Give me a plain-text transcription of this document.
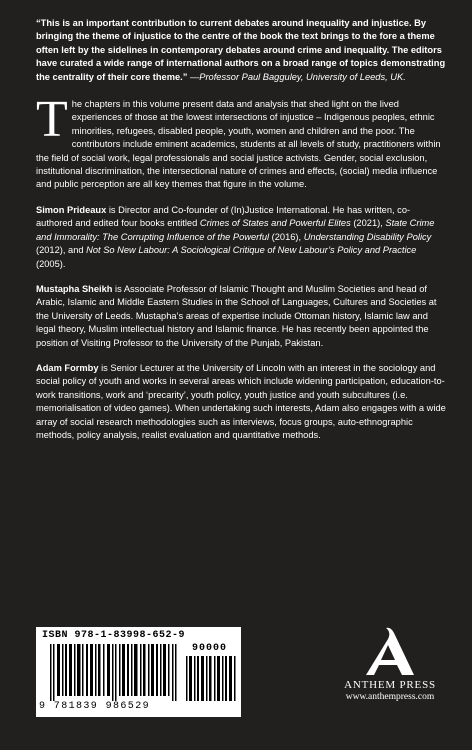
“This is an important contribution to current debates around inequality and injustice. By bringing the theme of injustice to the centre of the book the text brings to the fore a theme often left by the sidelines in contemporary debates around crime and inequality. The editors have curated a wide range of international authors on a broad range of topics demonstrating the centrality of their core theme.” —Professor Paul Bagguley, University of Leeds, UK.

The chapters in this volume present data and analysis that shed light on the lived experiences of those at the lowest intersections of injustice – Indigenous peoples, ethnic minorities, refugees, disabled people, youth, women and children and the poor. The contributors include eminent academics, students at all levels of study, practitioners within the field of social work, legal professionals and social justice activists. Gender, social exclusion, institutional discrimination, the intersectional nature of crimes and effects, (social) media influence and public perception are all key themes that figure in the volume.

Simon Prideaux is Director and Co-founder of (In)Justice International. He has written, co-authored and edited four books entitled Crimes of States and Powerful Elites (2021), State Crime and Immorality: The Corrupting Influence of the Powerful (2016), Understanding Disability Policy (2012), and Not So New Labour: A Sociological Critique of New Labour’s Policy and Practice (2005).

Mustapha Sheikh is Associate Professor of Islamic Thought and Muslim Societies and head of Arabic, Islamic and Middle Eastern Studies in the School of Languages, Cultures and Societies at the University of Leeds. Mustapha’s areas of expertise include Ottoman history, Islamic law and legal theory, Muslim intellectual history and Islamic finance. He has recently been appointed the position of Visiting Professor to the University of the Punjab, Pakistan.

Adam Formby is Senior Lecturer at the University of Lincoln with an interest in the sociology and social policy of youth and works in several areas which include widening participation, education-to-work transitions, work and ‘precarity’, youth policy, youth justice and youth subcultures (i.e. memorialisation of video games). When undertaking such interests, Adam also engages with a wide array of social research methodologies such as interviews, focus groups, auto-ethnographic methods, policy analysis, realist evaluation and quantitative methods.

ISBN 978-1-83998-652-9
90000
9 781839 986529
ANTHEM PRESS
www.anthempress.com
